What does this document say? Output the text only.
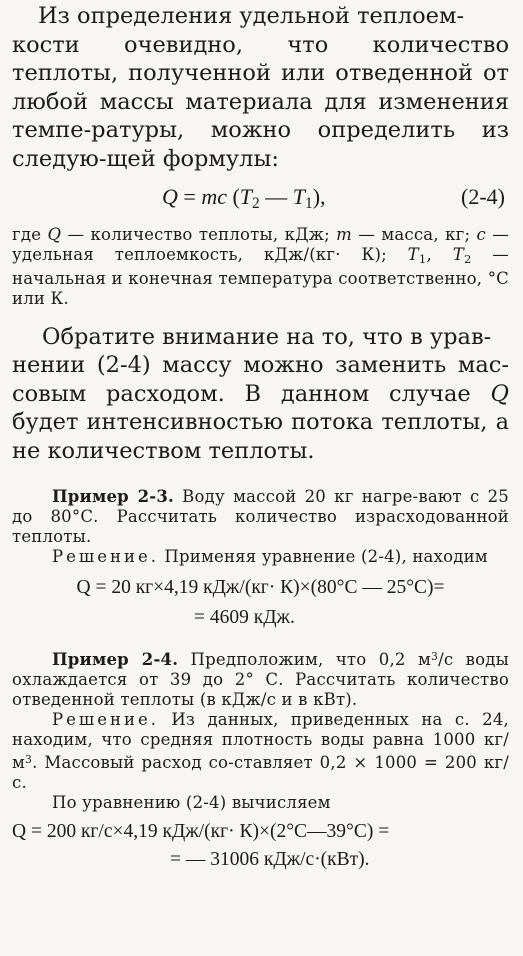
Из определения удельной теплоем-
кости очевидно, что количество теплоты, полученной или отведенной от любой массы материала для изменения темпе-ратуры, можно определить из следую-щей формулы:

Q = mc ($T_2$ — $T_1$),	(2-4)

где Q — количество теплоты, кДж; m — масса, кг; c — удельная теплоемкость, кДж/(кг· К); $T_1$, $T_2$ — начальная и конечная температура соответственно, °С или К.

Обратите внимание на то, что в урав-
нении (2-4) массу можно заменить мас-совым расходом. В данном случае Q будет интенсивностью потока теплоты, а не количеством теплоты.

Пример 2-3. Воду массой 20 кг нагре-вают с 25 до 80°С. Рассчитать количество израсходованной теплоты.
Решение. Применяя уравнение (2-4), находим

Q = 20 кг×4,19 кДж/(кг· К)×(80°C — 25°C)=
= 4609 кДж.

Пример 2-4. Предположим, что 0,2 $м^3/с$ воды охлаждается от 39 до 2° С. Рассчитать количество отведенной теплоты (в кДж/с и в кВт).
Решение. Из данных, приведенных на с. 24, находим, что средняя плотность воды равна 1000 $кг/м^3$. Массовый расход со-ставляет 0,2 × 1000 = 200 кг/с.
По уравнению (2-4) вычисляем

Q = 200 кг/с×4,19 кДж/(кг· К)×(2°C—39°C) =
= — 31006 кДж/с·(кВт).
